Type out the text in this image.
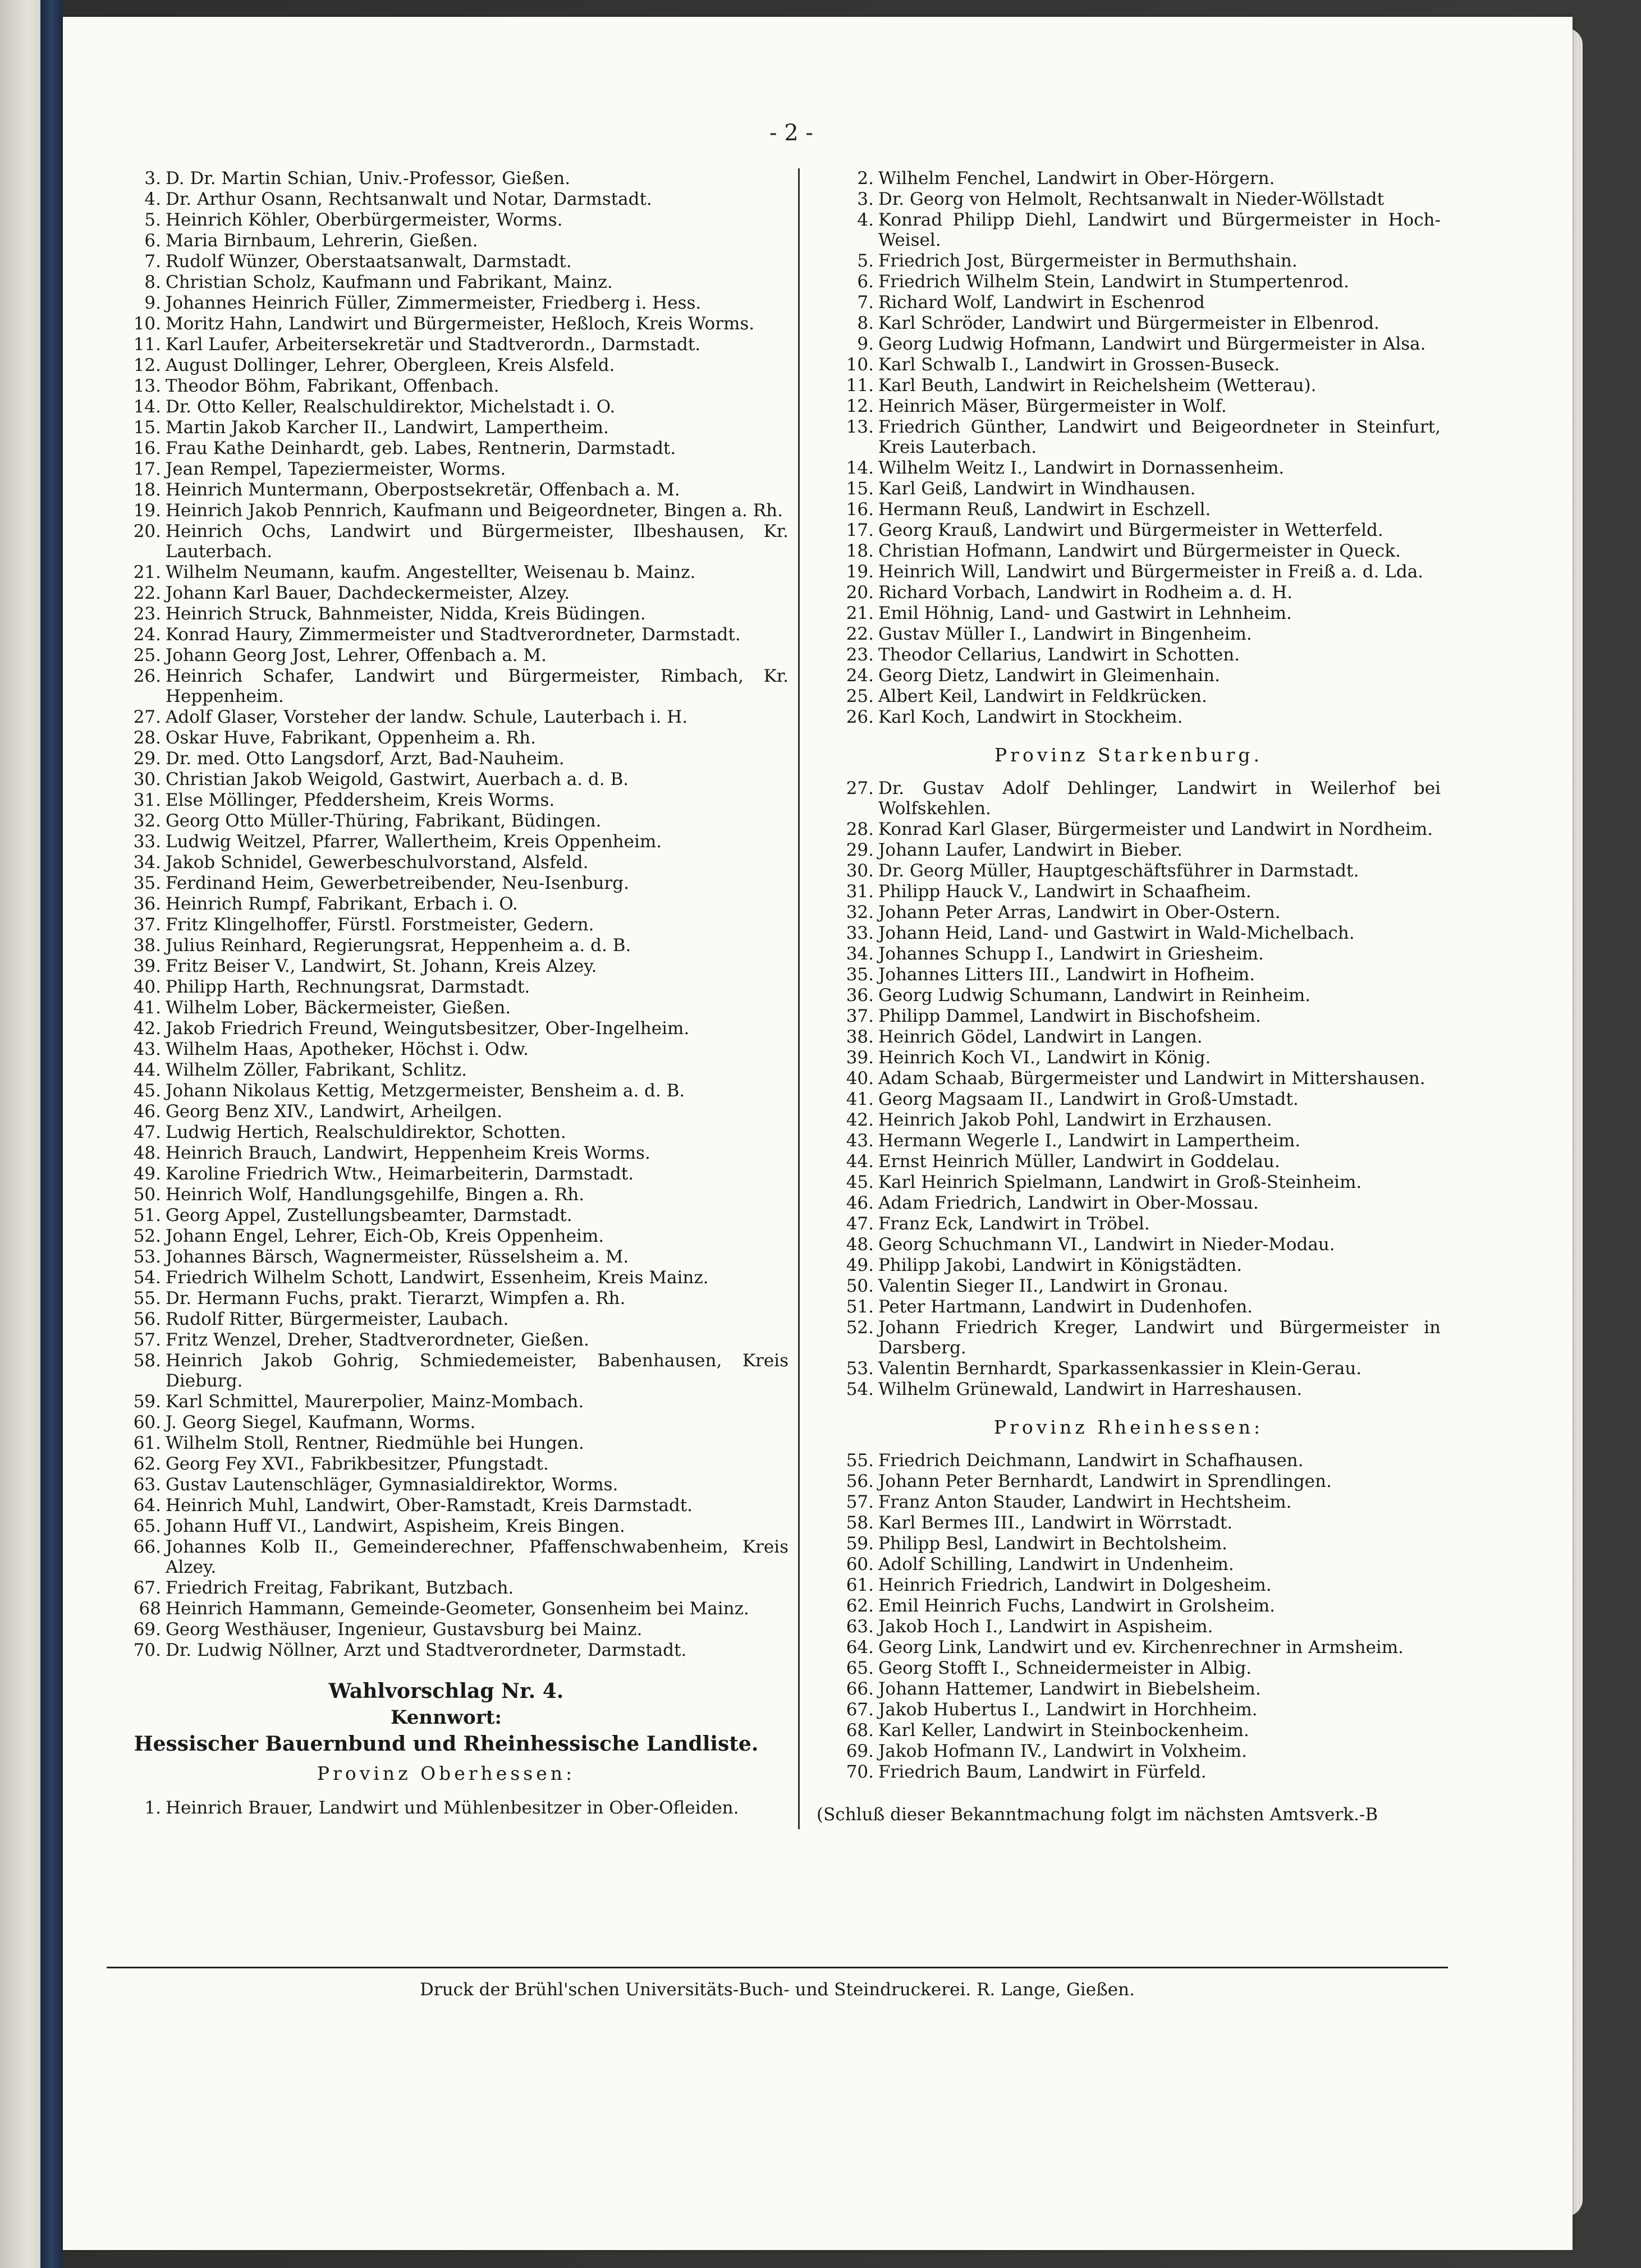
- 2 -
3. D. Dr. Martin Schian, Univ.-Professor, Gießen.
4. Dr. Arthur Osann, Rechtsanwalt und Notar, Darmstadt.
5. Heinrich Köhler, Oberbürgermeister, Worms.
6. Maria Birnbaum, Lehrerin, Gießen.
7. Rudolf Wünzer, Oberstaatsanwalt, Darmstadt.
8. Christian Scholz, Kaufmann und Fabrikant, Mainz.
9. Johannes Heinrich Füller, Zimmermeister, Friedberg i. Hess.
10. Moritz Hahn, Landwirt und Bürgermeister, Heßloch, Kreis Worms.
11. Karl Laufer, Arbeitersekretär und Stadtverordn., Darmstadt.
12. August Dollinger, Lehrer, Obergleen, Kreis Alsfeld.
13. Theodor Böhm, Fabrikant, Offenbach.
14. Dr. Otto Keller, Realschuldirektor, Michelstadt i. O.
15. Martin Jakob Karcher II., Landwirt, Lampertheim.
16. Frau Kathe Deinhardt, geb. Labes, Rentnerin, Darmstadt.
17. Jean Rempel, Tapeziermeister, Worms.
18. Heinrich Muntermann, Oberpostsekretär, Offenbach a. M.
19. Heinrich Jakob Pennrich, Kaufmann und Beigeordneter, Bingen a. Rh.
20. Heinrich Ochs, Landwirt und Bürgermeister, Ilbeshausen, Kr. Lauterbach.
21. Wilhelm Neumann, kaufm. Angestellter, Weisenau b. Mainz.
22. Johann Karl Bauer, Dachdeckermeister, Alzey.
23. Heinrich Struck, Bahnmeister, Nidda, Kreis Büdingen.
24. Konrad Haury, Zimmermeister und Stadtverordneter, Darmstadt.
25. Johann Georg Jost, Lehrer, Offenbach a. M.
26. Heinrich Schafer, Landwirt und Bürgermeister, Rimbach, Kr. Heppenheim.
27. Adolf Glaser, Vorsteher der landw. Schule, Lauterbach i. H.
28. Oskar Huve, Fabrikant, Oppenheim a. Rh.
29. Dr. med. Otto Langsdorf, Arzt, Bad-Nauheim.
30. Christian Jakob Weigold, Gastwirt, Auerbach a. d. B.
31. Else Möllinger, Pfeddersheim, Kreis Worms.
32. Georg Otto Müller-Thüring, Fabrikant, Büdingen.
33. Ludwig Weitzel, Pfarrer, Wallertheim, Kreis Oppenheim.
34. Jakob Schnidel, Gewerbeschulvorstand, Alsfeld.
35. Ferdinand Heim, Gewerbetreibender, Neu-Isenburg.
36. Heinrich Rumpf, Fabrikant, Erbach i. O.
37. Fritz Klingelhoffer, Fürstl. Forstmeister, Gedern.
38. Julius Reinhard, Regierungsrat, Heppenheim a. d. B.
39. Fritz Beiser V., Landwirt, St. Johann, Kreis Alzey.
40. Philipp Harth, Rechnungsrat, Darmstadt.
41. Wilhelm Lober, Bäckermeister, Gießen.
42. Jakob Friedrich Freund, Weingutsbesitzer, Ober-Ingelheim.
43. Wilhelm Haas, Apotheker, Höchst i. Odw.
44. Wilhelm Zöller, Fabrikant, Schlitz.
45. Johann Nikolaus Kettig, Metzgermeister, Bensheim a. d. B.
46. Georg Benz XIV., Landwirt, Arheilgen.
47. Ludwig Hertich, Realschuldirektor, Schotten.
48. Heinrich Brauch, Landwirt, Heppenheim Kreis Worms.
49. Karoline Friedrich Wtw., Heimarbeiterin, Darmstadt.
50. Heinrich Wolf, Handlungsgehilfe, Bingen a. Rh.
51. Georg Appel, Zustellungsbeamter, Darmstadt.
52. Johann Engel, Lehrer, Eich-Ob, Kreis Oppenheim.
53. Johannes Bärsch, Wagnermeister, Rüsselsheim a. M.
54. Friedrich Wilhelm Schott, Landwirt, Essenheim, Kreis Mainz.
55. Dr. Hermann Fuchs, prakt. Tierarzt, Wimpfen a. Rh.
56. Rudolf Ritter, Bürgermeister, Laubach.
57. Fritz Wenzel, Dreher, Stadtverordneter, Gießen.
58. Heinrich Jakob Gohrig, Schmiedemeister, Babenhausen, Kreis Dieburg.
59. Karl Schmittel, Maurerpolier, Mainz-Mombach.
60. J. Georg Siegel, Kaufmann, Worms.
61. Wilhelm Stoll, Rentner, Riedmühle bei Hungen.
62. Georg Fey XVI., Fabrikbesitzer, Pfungstadt.
63. Gustav Lautenschläger, Gymnasialdirektor, Worms.
64. Heinrich Muhl, Landwirt, Ober-Ramstadt, Kreis Darmstadt.
65. Johann Huff VI., Landwirt, Aspisheim, Kreis Bingen.
66. Johannes Kolb II., Gemeinderechner, Pfaffenschwabenheim, Kreis Alzey.
67. Friedrich Freitag, Fabrikant, Butzbach.
68 Heinrich Hammann, Gemeinde-Geometer, Gonsenheim bei Mainz.
69. Georg Westhäuser, Ingenieur, Gustavsburg bei Mainz.
70. Dr. Ludwig Nöllner, Arzt und Stadtverordneter, Darmstadt.
Wahlvorschlag Nr. 4.
Kennwort:
Hessischer Bauernbund und Rheinhessische Landliste.
Provinz Oberhessen:
1. Heinrich Brauer, Landwirt und Mühlenbesitzer in Ober-Ofleiden.
2. Wilhelm Fenchel, Landwirt in Ober-Hörgern.
3. Dr. Georg von Helmolt, Rechtsanwalt in Nieder-Wöllstadt
4. Konrad Philipp Diehl, Landwirt und Bürgermeister in Hoch-Weisel.
5. Friedrich Jost, Bürgermeister in Bermuthshain.
6. Friedrich Wilhelm Stein, Landwirt in Stumpertenrod.
7. Richard Wolf, Landwirt in Eschenrod
8. Karl Schröder, Landwirt und Bürgermeister in Elbenrod.
9. Georg Ludwig Hofmann, Landwirt und Bürgermeister in Alsa.
10. Karl Schwalb I., Landwirt in Grossen-Buseck.
11. Karl Beuth, Landwirt in Reichelsheim (Wetterau).
12. Heinrich Mäser, Bürgermeister in Wolf.
13. Friedrich Günther, Landwirt und Beigeordneter in Steinfurt, Kreis Lauterbach.
14. Wilhelm Weitz I., Landwirt in Dornassenheim.
15. Karl Geiß, Landwirt in Windhausen.
16. Hermann Reuß, Landwirt in Eschzell.
17. Georg Krauß, Landwirt und Bürgermeister in Wetterfeld.
18. Christian Hofmann, Landwirt und Bürgermeister in Queck.
19. Heinrich Will, Landwirt und Bürgermeister in Freiß a. d. Lda.
20. Richard Vorbach, Landwirt in Rodheim a. d. H.
21. Emil Höhnig, Land- und Gastwirt in Lehnheim.
22. Gustav Müller I., Landwirt in Bingenheim.
23. Theodor Cellarius, Landwirt in Schotten.
24. Georg Dietz, Landwirt in Gleimenhain.
25. Albert Keil, Landwirt in Feldkrücken.
26. Karl Koch, Landwirt in Stockheim.
Provinz Starkenburg.
27. Dr. Gustav Adolf Dehlinger, Landwirt in Weilerhof bei Wolfskehlen.
28. Konrad Karl Glaser, Bürgermeister und Landwirt in Nordheim.
29. Johann Laufer, Landwirt in Bieber.
30. Dr. Georg Müller, Hauptgeschäftsführer in Darmstadt.
31. Philipp Hauck V., Landwirt in Schaafheim.
32. Johann Peter Arras, Landwirt in Ober-Ostern.
33. Johann Heid, Land- und Gastwirt in Wald-Michelbach.
34. Johannes Schupp I., Landwirt in Griesheim.
35. Johannes Litters III., Landwirt in Hofheim.
36. Georg Ludwig Schumann, Landwirt in Reinheim.
37. Philipp Dammel, Landwirt in Bischofsheim.
38. Heinrich Gödel, Landwirt in Langen.
39. Heinrich Koch VI., Landwirt in König.
40. Adam Schaab, Bürgermeister und Landwirt in Mittershausen.
41. Georg Magsaam II., Landwirt in Groß-Umstadt.
42. Heinrich Jakob Pohl, Landwirt in Erzhausen.
43. Hermann Wegerle I., Landwirt in Lampertheim.
44. Ernst Heinrich Müller, Landwirt in Goddelau.
45. Karl Heinrich Spielmann, Landwirt in Groß-Steinheim.
46. Adam Friedrich, Landwirt in Ober-Mossau.
47. Franz Eck, Landwirt in Tröbel.
48. Georg Schuchmann VI., Landwirt in Nieder-Modau.
49. Philipp Jakobi, Landwirt in Königstädten.
50. Valentin Sieger II., Landwirt in Gronau.
51. Peter Hartmann, Landwirt in Dudenhofen.
52. Johann Friedrich Kreger, Landwirt und Bürgermeister in Darsberg.
53. Valentin Bernhardt, Sparkassenkassier in Klein-Gerau.
54. Wilhelm Grünewald, Landwirt in Harreshausen.
Provinz Rheinhessen:
55. Friedrich Deichmann, Landwirt in Schafhausen.
56. Johann Peter Bernhardt, Landwirt in Sprendlingen.
57. Franz Anton Stauder, Landwirt in Hechtsheim.
58. Karl Bermes III., Landwirt in Wörrstadt.
59. Philipp Besl, Landwirt in Bechtolsheim.
60. Adolf Schilling, Landwirt in Undenheim.
61. Heinrich Friedrich, Landwirt in Dolgesheim.
62. Emil Heinrich Fuchs, Landwirt in Grolsheim.
63. Jakob Hoch I., Landwirt in Aspisheim.
64. Georg Link, Landwirt und ev. Kirchenrechner in Armsheim.
65. Georg Stofft I., Schneidermeister in Albig.
66. Johann Hattemer, Landwirt in Biebelsheim.
67. Jakob Hubertus I., Landwirt in Horchheim.
68. Karl Keller, Landwirt in Steinbockenheim.
69. Jakob Hofmann IV., Landwirt in Volxheim.
70. Friedrich Baum, Landwirt in Fürfeld.
(Schluß dieser Bekanntmachung folgt im nächsten Amtsverk.-B
Druck der Brühl'schen Universitäts-Buch- und Steindruckerei. R. Lange, Gießen.
